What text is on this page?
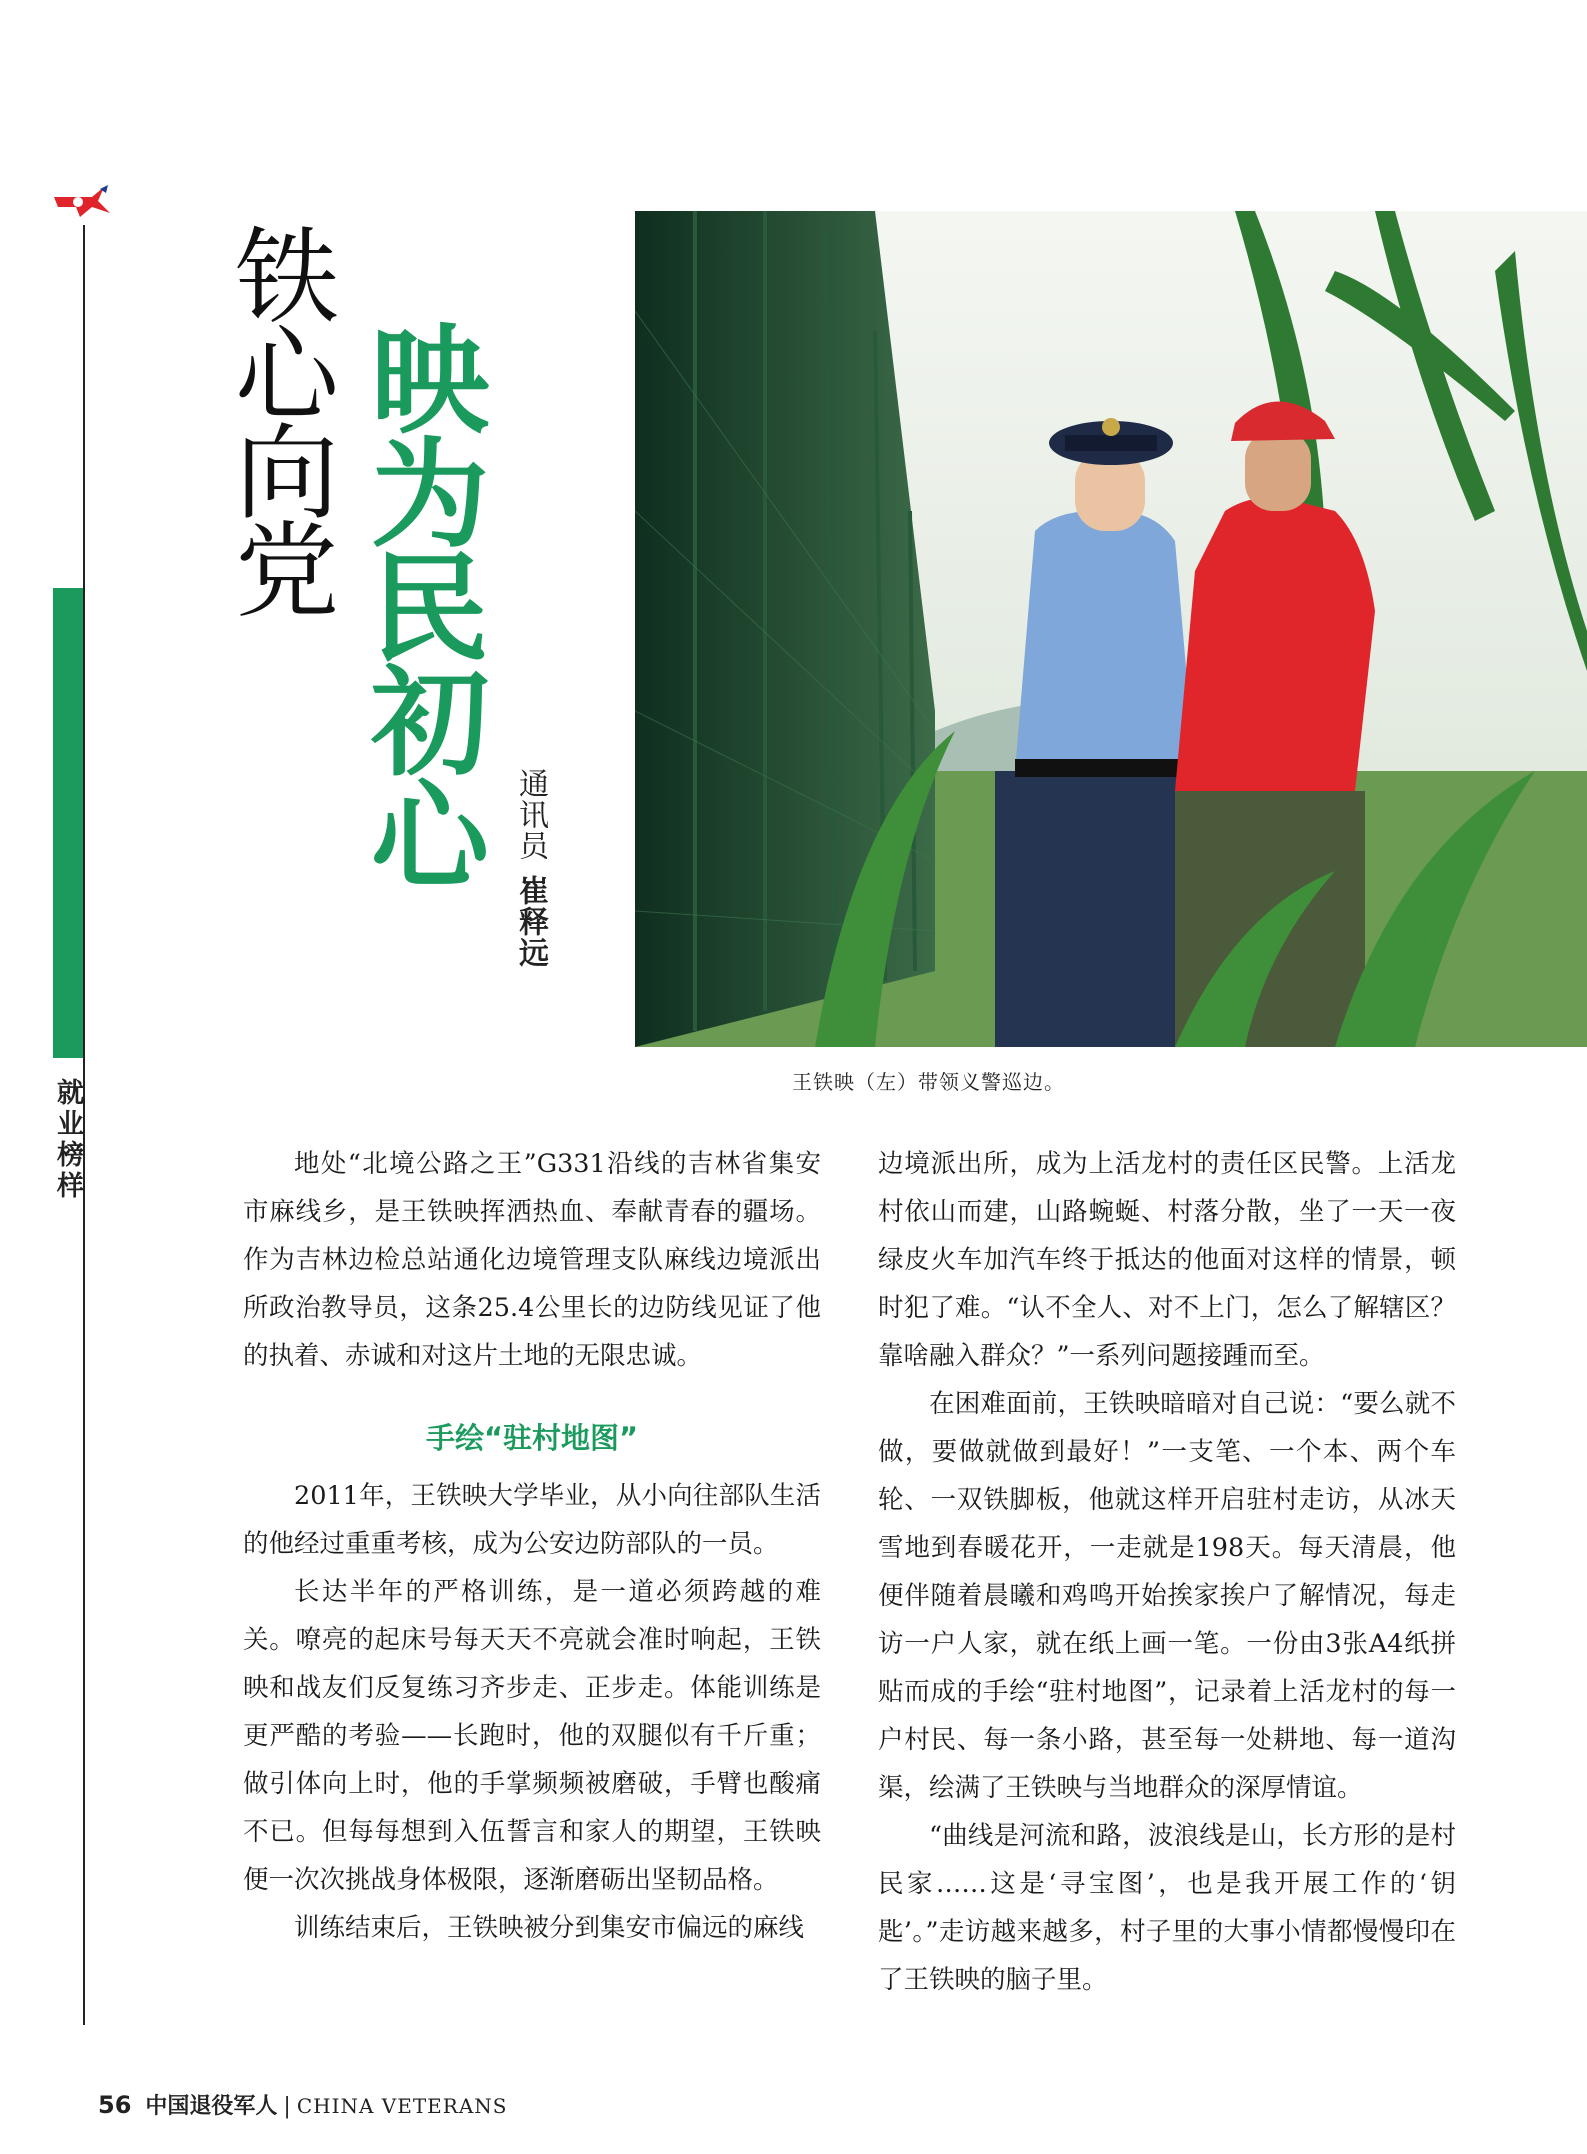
就业榜样
铁心向党 映为民初心 通讯员崔释远
王铁映（左）带领义警巡边。

地处“北境公路之王”G331沿线的吉林省集安市麻线乡，是王铁映挥洒热血、奉献青春的疆场。作为吉林边检总站通化边境管理支队麻线边境派出所政治教导员，这条25.4公里长的边防线见证了他的执着、赤诚和对这片土地的无限忠诚。

手绘“驻村地图”

2011年，王铁映大学毕业，从小向往部队生活的他经过重重考核，成为公安边防部队的一员。

长达半年的严格训练，是一道必须跨越的难关。嘹亮的起床号每天天不亮就会准时响起，王铁映和战友们反复练习齐步走、正步走。体能训练是更严酷的考验——长跑时，他的双腿似有千斤重；做引体向上时，他的手掌频频被磨破，手臂也酸痛不已。但每每想到入伍誓言和家人的期望，王铁映便一次次挑战身体极限，逐渐磨砺出坚韧品格。

训练结束后，王铁映被分到集安市偏远的麻线

边境派出所，成为上活龙村的责任区民警。上活龙村依山而建，山路蜿蜒、村落分散，坐了一天一夜绿皮火车加汽车终于抵达的他面对这样的情景，顿时犯了难。“认不全人、对不上门，怎么了解辖区？靠啥融入群众？”一系列问题接踵而至。

在困难面前，王铁映暗暗对自己说：“要么就不做，要做就做到最好！”一支笔、一个本、两个车轮、一双铁脚板，他就这样开启驻村走访，从冰天雪地到春暖花开，一走就是198天。每天清晨，他便伴随着晨曦和鸡鸣开始挨家挨户了解情况，每走访一户人家，就在纸上画一笔。一份由3张A4纸拼贴而成的手绘“驻村地图”，记录着上活龙村的每一户村民、每一条小路，甚至每一处耕地、每一道沟渠，绘满了王铁映与当地群众的深厚情谊。

“曲线是河流和路，波浪线是山，长方形的是村民家……这是‘寻宝图’，也是我开展工作的‘钥匙’。”走访越来越多，村子里的大事小情都慢慢印在了王铁映的脑子里。

56 中国退役军人 | CHINA VETERANS
